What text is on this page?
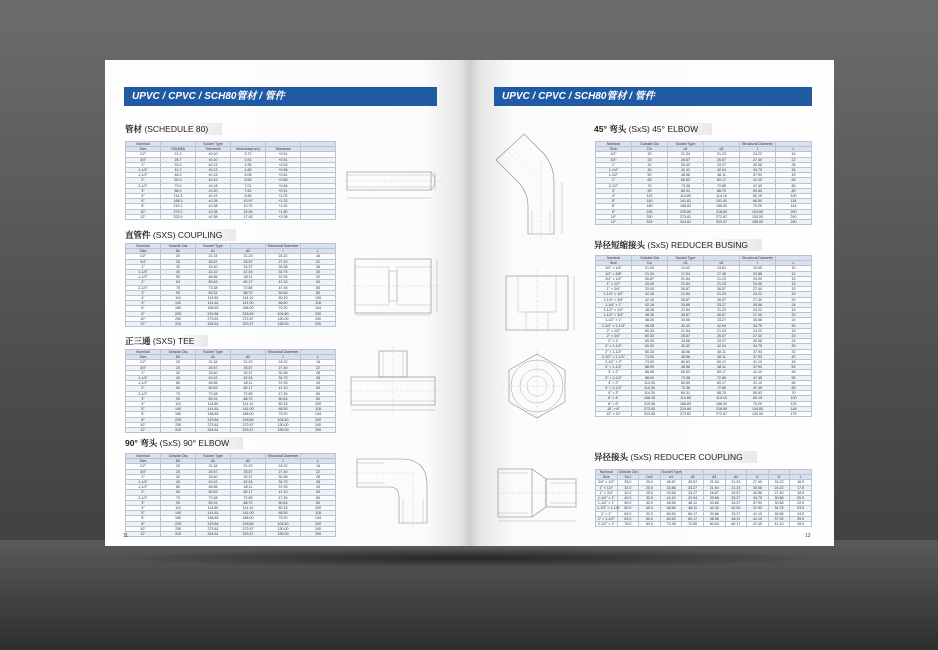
UPVC / CPVC / SCH80管材 / 管件
管材 (SCHEDULE 80)
Nominal		Socket Type			
Size	OD(MM)	Tolerance	thickness(mm)	Tolerance	
1/2"	21.3	±0.10	3.73	+0.51	
3/4"	26.7	±0.10	3.91	+0.51	
1"	33.4	±0.13	4.55	+0.53	
1-1/4"	42.2	±0.13	4.85	+0.58	
1-1/2"	48.3	±0.15	5.08	+0.61	
2"	60.3	±0.15	5.54	+0.66	
2-1/2"	73.0	±0.18	7.01	+0.84	
3"	88.9	±0.20	7.62	+0.91	
4"	114.3	±0.23	8.56	+1.02	
6"	168.3	±0.28	10.97	+1.32	
8"	219.1	±0.38	12.70	+1.52	
10"	273.0	±0.38	15.06	+1.80	
12"	323.9	±0.38	17.45	+2.08	
直管件 (SXS) COUPLING
Nominal	Outside Dia	Socket Type		Structural Diameter	
Size	Dn	d1	d2	l	L
1/2"	20	21.34	21.23	24.22	16
3/4"	25	26.67	26.57	27.40	22
1"	32	33.40	33.27	30.58	28
1-1/4"	40	42.42	42.04	34.75	30
1-1/2"	50	48.56	48.11	37.93	30
2"	63	60.63	60.17	41.10	54
2-1/2"	75	73.38	72.85	47.45	65
3"	90	89.31	88.70	50.63	80
4"	110	114.80	114.10	60.15	100
5"	140	141.81	141.00	66.50	118
6"	160	168.83	168.00	79.20	144
8"	225	219.84	218.69	104.60	200
10"	250	273.81	272.67	130.00	240
12"	315	324.61	323.47	155.00	290
正三通 (SXS) TEE
Nominal	Outside Dia	Socket Type		Structural Diameter	
Size	Dn	d1	d2	l	L
1/2"	20	21.34	21.23	24.22	16
3/4"	25	26.67	26.57	27.40	22
1"	32	33.40	33.27	30.58	28
1-1/4"	40	42.42	42.04	34.75	35
1-1/2"	50	48.56	48.11	37.93	43
2"	63	60.63	60.17	41.10	54
2-1/2"	75	73.38	72.85	47.45	65
3"	90	89.31	88.70	50.63	80
4"	110	114.80	114.10	60.15	100
5"	140	141.81	141.00	66.50	118
6"	160	168.83	168.00	79.20	144
8"	225	219.84	218.69	104.60	200
10"	250	273.81	272.67	130.00	240
12"	315	324.61	323.47	155.00	290
90° 弯头 (SxS) 90° ELBOW
Nominal	Outside Dia	Socket Type		Structural Diameter	
Size	Dn	d1	d2	l	L
1/2"	20	21.34	21.23	24.22	16
3/4"	25	26.67	26.57	27.40	22
1"	32	33.40	33.27	30.58	28
1-1/4"	40	42.42	42.04	34.75	35
1-1/2"	50	48.56	48.11	37.93	43
2"	63	60.63	60.17	41.10	54
2-1/2"	75	73.38	72.85	47.45	65
3"	90	89.31	88.70	50.63	80
4"	110	114.80	114.10	60.15	100
5"	140	141.81	141.00	66.50	118
6"	160	168.83	168.00	79.20	144
8"	225	219.84	218.69	104.60	200
10"	250	273.81	272.67	130.00	240
12"	315	324.61	323.47	155.00	290
11
UPVC / CPVC / SCH80管材 / 管件
45° 弯头 (SxS) 45° ELBOW
Nominal	Outside Dia	Socket Type		Structural Diameter	
Size	Dn	d1	d2	l	L
1/2"	20	21.34	21.23	24.22	16
3/4"	25	26.67	26.57	27.40	22
1"	32	33.40	33.27	30.58	28
1-1/4"	40	42.42	42.04	34.75	35
1-1/2"	50	48.56	48.11	37.93	43
2"	63	60.63	60.17	41.10	54
2-1/2"	75	73.38	72.85	47.45	65
3"	90	89.31	88.70	50.63	80
4"	110	114.80	114.10	60.15	100
5"	140	141.81	141.00	66.50	118
6"	160	168.83	168.00	79.20	144
8"	225	219.84	218.69	104.60	200
10"	250	273.81	272.67	130.00	240
12"	315	324.61	323.47	155.00	290
异径短缩接头 (SxS) REDUCER BUSING
Nominal	Outside Dia	Socket Type		Structural Diameter	
Size	Dn	d1	d2	l	L
1/2" × 1/4"	21.34	14.02	13.61	19.05	10
1/2" × 3/8"	21.34	17.04	17.45	22.86	12
3/4" × 1/2"	26.67	21.54	21.23	24.00	15
1" × 1/2"	33.40	21.54	21.23	24.00	15
1" × 3/4"	33.40	26.87	26.57	27.40	20
1-1/4" × 1/2"	42.16	21.54	21.23	24.22	15
1-1/4" × 3/4"	42.16	26.87	26.57	27.40	20
1-1/4" × 1"	42.16	33.66	33.27	30.58	24
1-1/2" × 1/2"	48.26	21.54	21.23	24.22	15
1-1/2" × 3/4"	48.26	26.87	26.57	27.40	20
1-1/2" × 1"	48.26	33.66	33.27	30.58	24
1-1/2" × 1-1/4"	48.26	42.42	42.04	34.75	30
2" × 1/2"	60.33	21.54	21.23	24.22	15
2" × 3/4"	60.33	26.87	26.57	27.40	20
2" × 1"	60.33	33.66	33.27	30.58	24
2" × 1-1/4"	60.33	42.42	42.04	34.75	30
2" × 1-1/2"	60.33	48.56	48.11	37.93	32
2-1/2" × 1-1/2"	73.03	48.56	48.11	37.93	40
2-1/2" × 2"	73.03	60.63	60.17	41.10	45
3" × 1-1/2"	88.90	48.56	48.11	37.93	55
3" × 2"	88.90	60.63	60.17	41.10	55
3" × 2-1/2"	88.90	73.38	72.85	47.45	55
4" × 2"	114.30	60.63	60.17	41.10	65
4" × 2-1/2"	114.30	73.38	72.85	47.45	65
4" × 3"	114.30	89.31	88.70	50.63	70
6" × 4"	168.28	114.80	114.10	60.15	100
8" × 6"	219.08	168.83	168.00	79.20	125
10" × 8"	273.05	219.84	218.69	104.60	148
12" × 10"	323.85	273.81	272.67	130.00	175
异径接头 (SxS) REDUCER COUPLING
Nominal	Outside Dia		Socket Type						
Size	Dn1	Dn2	d1	d2	d3	d4	l1	l2	L
3/4" × 1/2"	25.0	20.0	26.87	26.57	21.54	21.23	27.40	24.22	16.5
1" × 1/2"	32.0	20.0	33.66	33.27	21.54	21.23	30.58	24.22	17.5
1" × 3/4"	32.0	25.0	33.66	33.27	26.87	26.57	30.58	27.40	18.5
1-1/4" × 1"	40.0	32.0	42.42	42.04	33.66	33.27	34.75	30.58	20.5
1-1/2" × 1"	50.0	32.0	48.56	48.11	33.66	33.27	37.93	30.58	22.5
1-1/2" × 1-1/4"	50.0	40.0	48.56	48.11	42.42	42.04	37.93	34.75	23.0
2" × 1"	63.0	32.0	60.63	60.17	33.66	33.27	41.10	30.58	24.5
2" × 1-1/2"	63.0	50.0	60.63	60.17	48.56	48.11	41.10	37.93	25.5
2-1/2" × 2"	75.0	63.0	73.38	72.85	60.63	60.17	47.45	41.10	28.0
12
